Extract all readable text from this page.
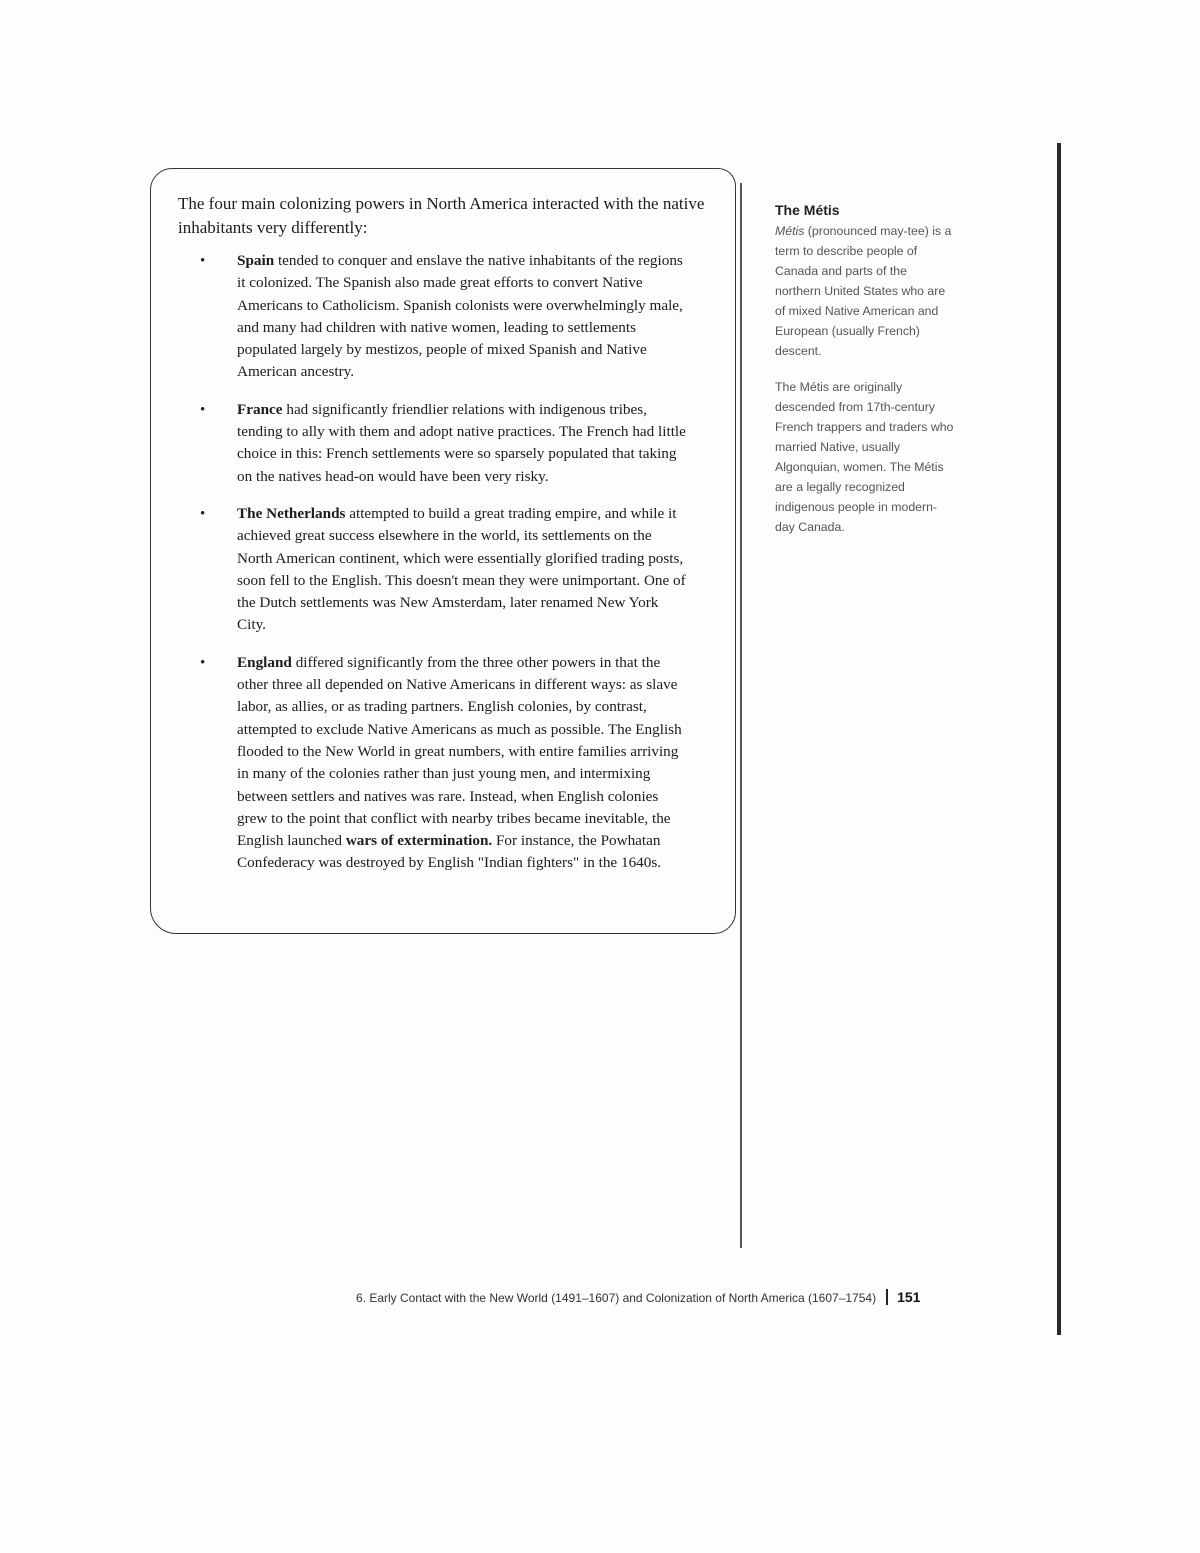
The four main colonizing powers in North America interacted with the native inhabitants very differently:

• Spain tended to conquer and enslave the native inhabitants of the regions it colonized. The Spanish also made great efforts to convert Native Americans to Catholicism. Spanish colonists were overwhelmingly male, and many had children with native women, leading to settlements populated largely by mestizos, people of mixed Spanish and Native American ancestry.
• France had significantly friendlier relations with indigenous tribes, tending to ally with them and adopt native practices. The French had little choice in this: French settlements were so sparsely populated that taking on the natives head-on would have been very risky.
• The Netherlands attempted to build a great trading empire, and while it achieved great success elsewhere in the world, its settlements on the North American continent, which were essentially glorified trading posts, soon fell to the English. This doesn't mean they were unimportant. One of the Dutch settlements was New Amsterdam, later renamed New York City.
• England differed significantly from the three other powers in that the other three all depended on Native Americans in different ways: as slave labor, as allies, or as trading partners. English colonies, by contrast, attempted to exclude Native Americans as much as possible. The English flooded to the New World in great numbers, with entire families arriving in many of the colonies rather than just young men, and intermixing between settlers and natives was rare. Instead, when English colonies grew to the point that conflict with nearby tribes became inevitable, the English launched wars of extermination. For instance, the Powhatan Confederacy was destroyed by English "Indian fighters" in the 1640s.
The Métis

Métis (pronounced may-tee) is a term to describe people of Canada and parts of the northern United States who are of mixed Native American and European (usually French) descent.

The Métis are originally descended from 17th-century French trappers and traders who married Native, usually Algonquian, women. The Métis are a legally recognized indigenous people in modern-day Canada.

6. Early Contact with the New World (1491–1607) and Colonization of North America (1607–1754) 151
